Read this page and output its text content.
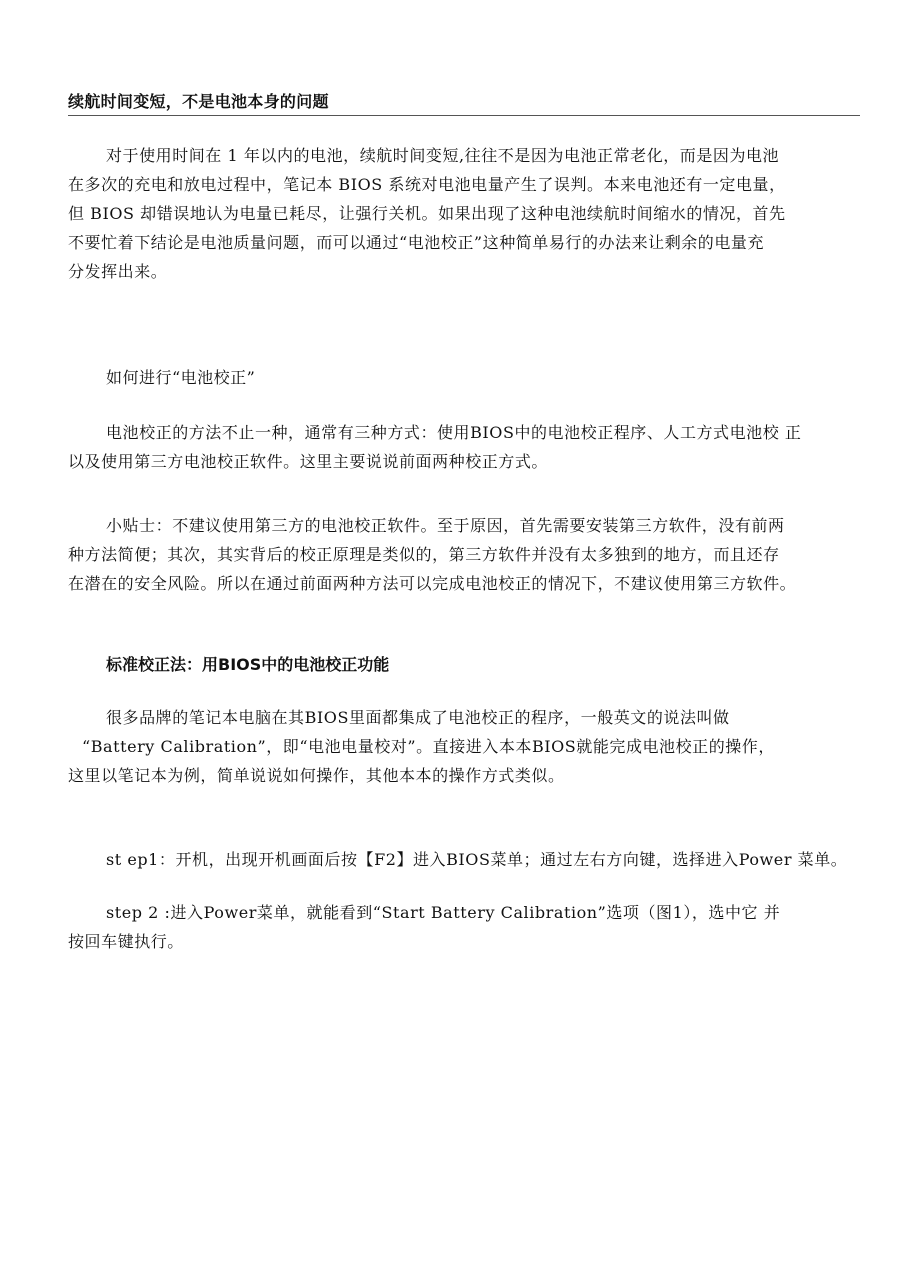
续航时间变短，不是电池本身的问题
对于使用时间在 1 年以内的电池，续航时间变短,往往不是因为电池正常老化，而是因为电池
在多次的充电和放电过程中，笔记本 BIOS 系统对电池电量产生了误判。本来电池还有一定电量，
但 BIOS 却错误地认为电量已耗尽，让强行关机。如果出现了这种电池续航时间缩水的情况，首先
不要忙着下结论是电池质量问题，而可以通过“电池校正”这种简单易行的办法来让剩余的电量充
分发挥出来。
如何进行“电池校正”
电池校正的方法不止一种，通常有三种方式：使用BIOS中的电池校正程序、人工方式电池校 正
以及使用第三方电池校正软件。这里主要说说前面两种校正方式。
小贴士：不建议使用第三方的电池校正软件。至于原因，首先需要安装第三方软件，没有前两
种方法简便；其次，其实背后的校正原理是类似的，第三方软件并没有太多独到的地方，而且还存
在潜在的安全风险。所以在通过前面两种方法可以完成电池校正的情况下，不建议使用第三方软件。
标准校正法：用BIOS中的电池校正功能
很多品牌的笔记本电脑在其BIOS里面都集成了电池校正的程序，一般英文的说法叫做
“Battery Calibration”，即“电池电量校对”。直接进入本本BIOS就能完成电池校正的操作，
这里以笔记本为例，简单说说如何操作，其他本本的操作方式类似。
st ep1：开机，出现开机画面后按【F2】进入BIOS菜单；通过左右方向键，选择进入Power 菜单。
step 2 :进入Power菜单，就能看到“Start Battery Calibration”选项（图1），选中它 并
按回车键执行。
